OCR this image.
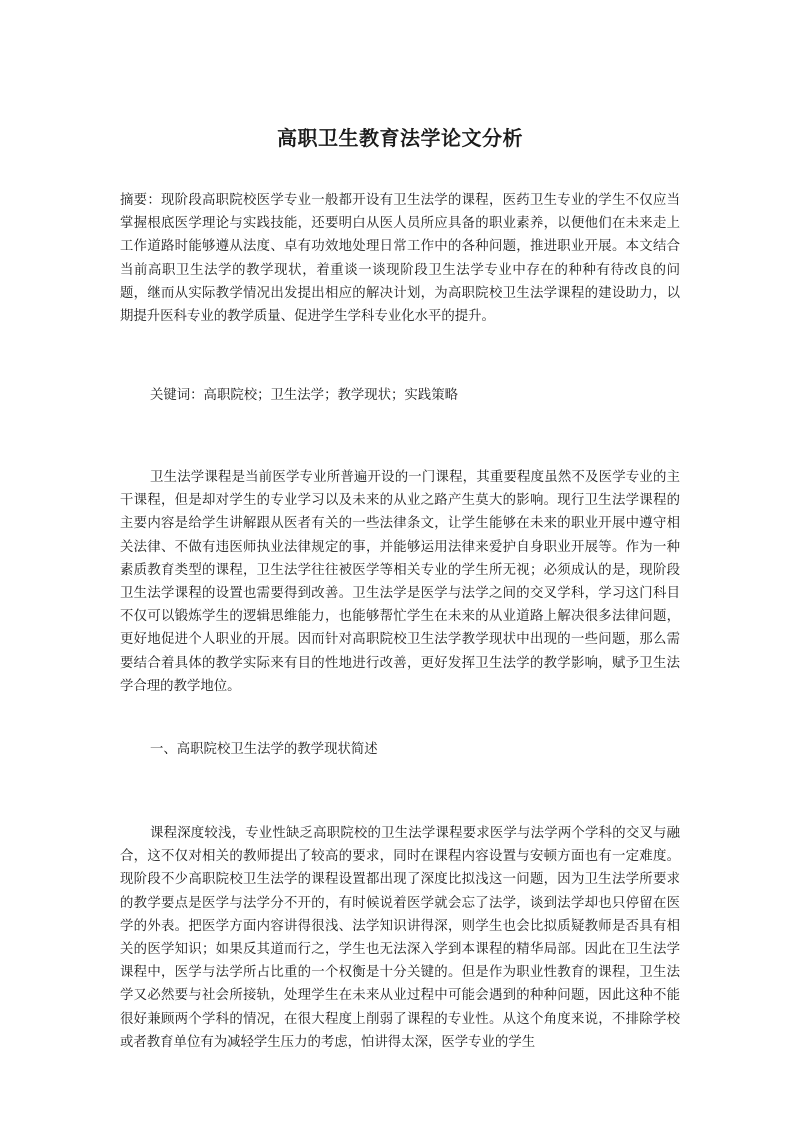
高职卫生教育法学论文分析

摘要：现阶段高职院校医学专业一般都开设有卫生法学的课程，医药卫生专业的学生不仅应当掌握根底医学理论与实践技能，还要明白从医人员所应具备的职业素养，以便他们在未来走上工作道路时能够遵从法度、卓有功效地处理日常工作中的各种问题，推进职业开展。本文结合当前高职卫生法学的教学现状，着重谈一谈现阶段卫生法学专业中存在的种种有待改良的问题，继而从实际教学情况出发提出相应的解决计划，为高职院校卫生法学课程的建设助力，以期提升医科专业的教学质量、促进学生学科专业化水平的提升。

关键词：高职院校；卫生法学；教学现状；实践策略

卫生法学课程是当前医学专业所普遍开设的一门课程，其重要程度虽然不及医学专业的主干课程，但是却对学生的专业学习以及未来的从业之路产生莫大的影响。现行卫生法学课程的主要内容是给学生讲解跟从医者有关的一些法律条文，让学生能够在未来的职业开展中遵守相关法律、不做有违医师执业法律规定的事，并能够运用法律来爱护自身职业开展等。作为一种素质教育类型的课程，卫生法学往往被医学等相关专业的学生所无视；必须成认的是，现阶段卫生法学课程的设置也需要得到改善。卫生法学是医学与法学之间的交叉学科，学习这门科目不仅可以锻炼学生的逻辑思维能力，也能够帮忙学生在未来的从业道路上解决很多法律问题，更好地促进个人职业的开展。因而针对高职院校卫生法学教学现状中出现的一些问题，那么需要结合着具体的教学实际来有目的性地进行改善，更好发挥卫生法学的教学影响，赋予卫生法学合理的教学地位。

一、高职院校卫生法学的教学现状简述

课程深度较浅，专业性缺乏高职院校的卫生法学课程要求医学与法学两个学科的交叉与融合，这不仅对相关的教师提出了较高的要求，同时在课程内容设置与安顿方面也有一定难度。现阶段不少高职院校卫生法学的课程设置都出现了深度比拟浅这一问题，因为卫生法学所要求的教学要点是医学与法学分不开的，有时候说着医学就会忘了法学，谈到法学却也只停留在医学的外表。把医学方面内容讲得很浅、法学知识讲得深，则学生也会比拟质疑教师是否具有相关的医学知识；如果反其道而行之，学生也无法深入学到本课程的精华局部。因此在卫生法学课程中，医学与法学所占比重的一个权衡是十分关键的。但是作为职业性教育的课程，卫生法学又必然要与社会所接轨，处理学生在未来从业过程中可能会遇到的种种问题，因此这种不能很好兼顾两个学科的情况，在很大程度上削弱了课程的专业性。从这个角度来说，不排除学校或者教育单位有为减轻学生压力的考虑，怕讲得太深，医学专业的学生
